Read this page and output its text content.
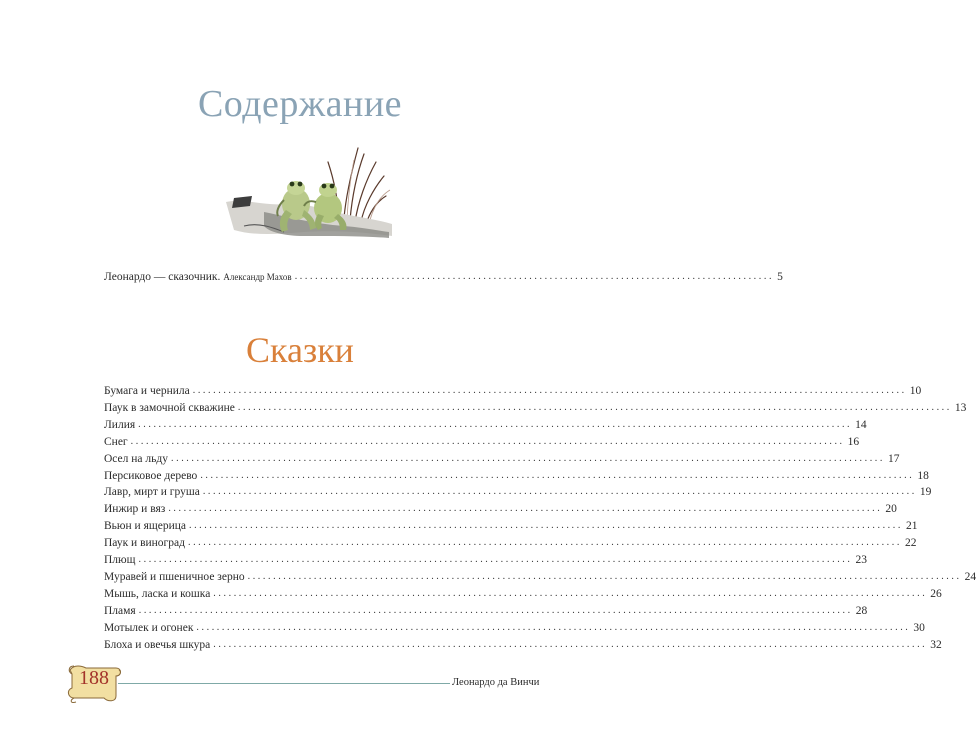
Содержание
Леонардо — сказочник. Александр Махов .............................................................................................. 5
Сказки
Бумага и чернила ............................................................................................................................................ 10
Паук в замочной скважине ............................................................................................................................................ 13
Лилия ............................................................................................................................................ 14
Снег ............................................................................................................................................ 16
Осел на льду ............................................................................................................................................ 17
Персиковое дерево ............................................................................................................................................ 18
Лавр, мирт и груша ............................................................................................................................................ 19
Инжир и вяз ............................................................................................................................................ 20
Вьюн и ящерица ............................................................................................................................................ 21
Паук и виноград ............................................................................................................................................ 22
Плющ ............................................................................................................................................ 23
Муравей и пшеничное зерно ............................................................................................................................................ 24
Мышь, ласка и кошка ............................................................................................................................................ 26
Пламя ............................................................................................................................................ 28
Мотылек и огонек ............................................................................................................................................ 30
Блоха и овечья шкура ............................................................................................................................................ 32
188	Леонардо да Винчи
